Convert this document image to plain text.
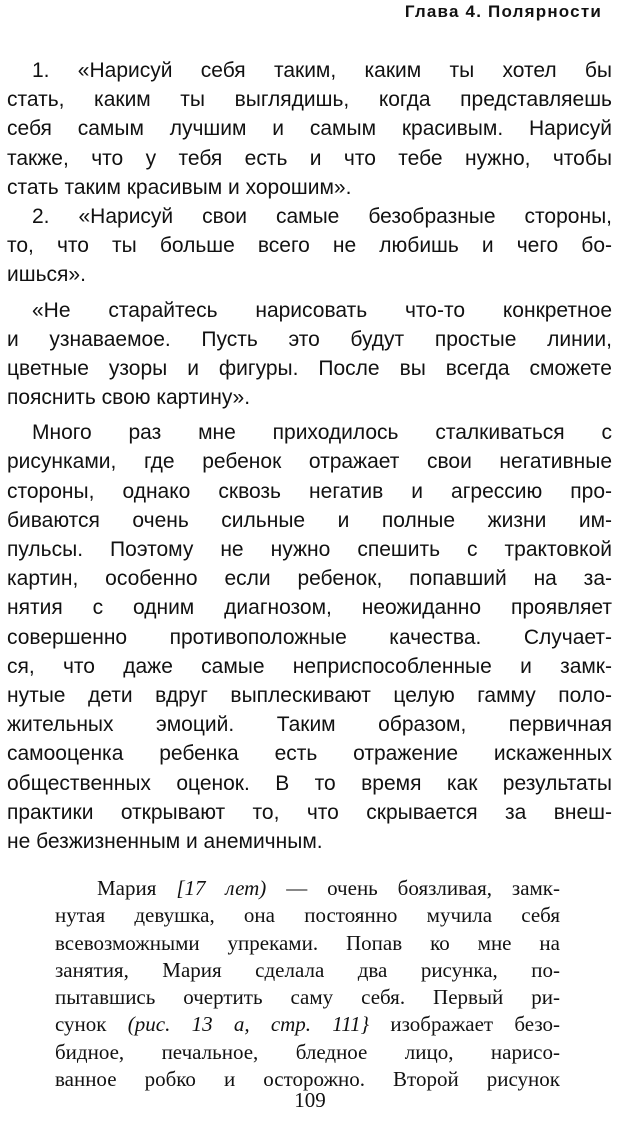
Глава 4. Полярности
1. «Нарисуй себя таким, каким ты хотел бы
стать, каким ты выглядишь, когда представляешь
себя самым лучшим и самым красивым. Нарисуй
также, что у тебя есть и что тебе нужно, чтобы
стать таким красивым и хорошим».
2. «Нарисуй свои самые безобразные стороны,
то, что ты больше всего не любишь и чего бо-
ишься».
«Не старайтесь нарисовать что-то конкретное
и узнаваемое. Пусть это будут простые линии,
цветные узоры и фигуры. После вы всегда сможете
пояснить свою картину».
Много раз мне приходилось сталкиваться с
рисунками, где ребенок отражает свои негативные
стороны, однако сквозь негатив и агрессию про-
биваются очень сильные и полные жизни им-
пульсы. Поэтому не нужно спешить с трактовкой
картин, особенно если ребенок, попавший на за-
нятия с одним диагнозом, неожиданно проявляет
совершенно противоположные качества. Случает-
ся, что даже самые неприспособленные и замк-
нутые дети вдруг выплескивают целую гамму поло-
жительных эмоций. Таким образом, первичная
самооценка ребенка есть отражение искаженных
общественных оценок. В то время как результаты
практики открывают то, что скрывается за внеш-
не безжизненным и анемичным.
Мария [17 лет) — очень боязливая, замк-
нутая девушка, она постоянно мучила себя
всевозможными упреками. Попав ко мне на
занятия, Мария сделала два рисунка, по-
пытавшись очертить саму себя. Первый ри-
сунок (рис. 13 а, стр. 111} изображает безо-
бидное, печальное, бледное лицо, нарисо-
ванное робко и осторожно. Второй рисунок
109
